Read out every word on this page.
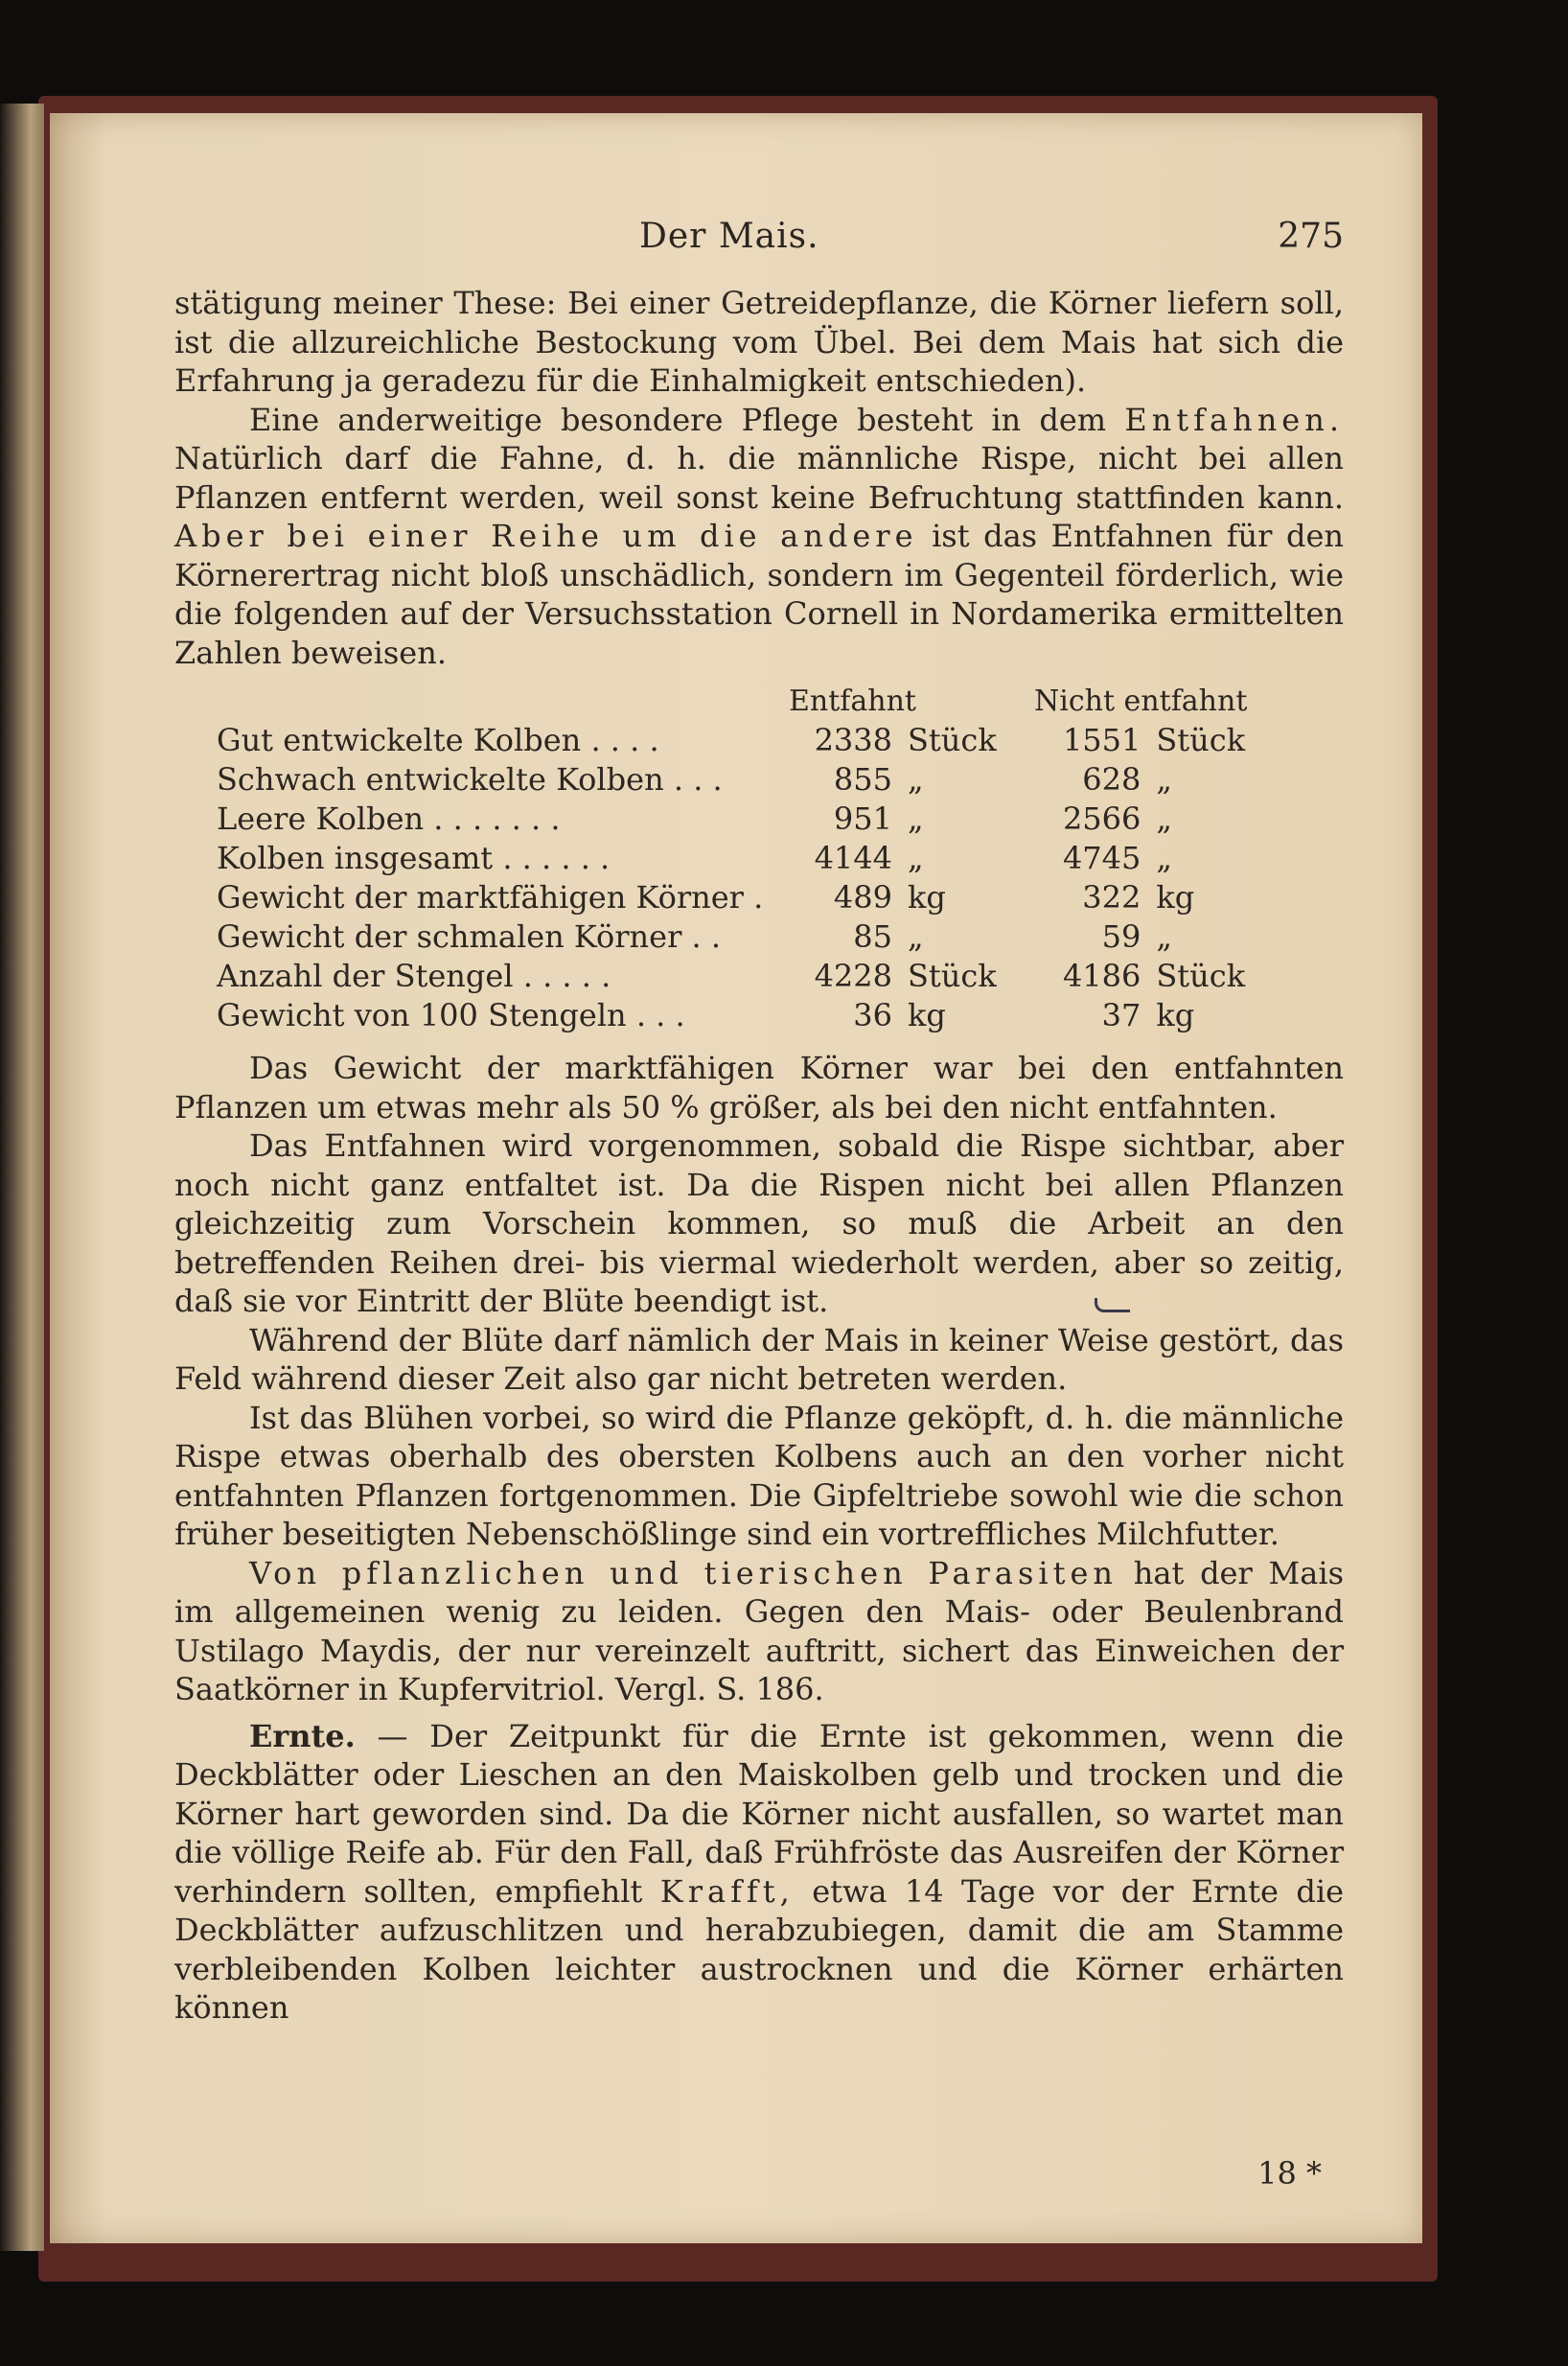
Der Mais.	275

stätigung meiner These: Bei einer Getreidepflanze, die Körner liefern soll, ist die allzureichliche Bestockung vom Übel. Bei dem Mais hat sich die Erfahrung ja geradezu für die Einhalmigkeit entschieden).

Eine anderweitige besondere Pflege besteht in dem Entfahnen. Natürlich darf die Fahne, d. h. die männliche Rispe, nicht bei allen Pflanzen entfernt werden, weil sonst keine Befruchtung stattfinden kann. Aber bei einer Reihe um die andere ist das Entfahnen für den Körnerertrag nicht bloß unschädlich, sondern im Gegenteil förderlich, wie die folgenden auf der Versuchsstation Cornell in Nordamerika ermittelten Zahlen beweisen.

	Entfahnt		Nicht entfahnt	
Gut entwickelte Kolben . . . .	2338	Stück	1551	Stück
Schwach entwickelte Kolben . . .	855	„	628	„
Leere Kolben . . . . . . .	951	„	2566	„
Kolben insgesamt . . . . . .	4144	„	4745	„
Gewicht der marktfähigen Körner .	489	kg	322	kg
Gewicht der schmalen Körner . .	85	„	59	„
Anzahl der Stengel . . . . .	4228	Stück	4186	Stück
Gewicht von 100 Stengeln . . .	36	kg	37	kg

Das Gewicht der marktfähigen Körner war bei den entfahnten Pflanzen um etwas mehr als 50 % größer, als bei den nicht entfahnten.

Das Entfahnen wird vorgenommen, sobald die Rispe sichtbar, aber noch nicht ganz entfaltet ist. Da die Rispen nicht bei allen Pflanzen gleichzeitig zum Vorschein kommen, so muß die Arbeit an den betreffenden Reihen drei- bis viermal wiederholt werden, aber so zeitig, daß sie vor Eintritt der Blüte beendigt ist.

Während der Blüte darf nämlich der Mais in keiner Weise gestört, das Feld während dieser Zeit also gar nicht betreten werden.

Ist das Blühen vorbei, so wird die Pflanze geköpft, d. h. die männliche Rispe etwas oberhalb des obersten Kolbens auch an den vorher nicht entfahnten Pflanzen fortgenommen. Die Gipfeltriebe sowohl wie die schon früher beseitigten Nebenschößlinge sind ein vortreffliches Milchfutter.

Von pflanzlichen und tierischen Parasiten hat der Mais im allgemeinen wenig zu leiden. Gegen den Mais- oder Beulenbrand Ustilago Maydis, der nur vereinzelt auftritt, sichert das Einweichen der Saatkörner in Kupfervitriol. Vergl. S. 186.

Ernte. — Der Zeitpunkt für die Ernte ist gekommen, wenn die Deckblätter oder Lieschen an den Maiskolben gelb und trocken und die Körner hart geworden sind. Da die Körner nicht ausfallen, so wartet man die völlige Reife ab. Für den Fall, daß Frühfröste das Ausreifen der Körner verhindern sollten, empfiehlt Krafft, etwa 14 Tage vor der Ernte die Deckblätter aufzuschlitzen und herabzubiegen, damit die am Stamme verbleibenden Kolben leichter austrocknen und die Körner erhärten können

18 *
